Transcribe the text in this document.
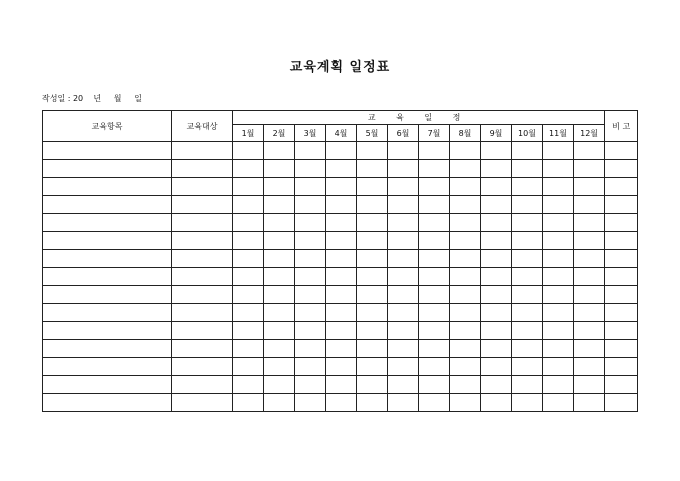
교육계획 일정표
작성일 : 20    년     월     일
교육항목	교육대상	교 육 일 정												비 고
		1월	2월	3월	4월	5월	6월	7월	8월	9월	10월	11월	12월	
